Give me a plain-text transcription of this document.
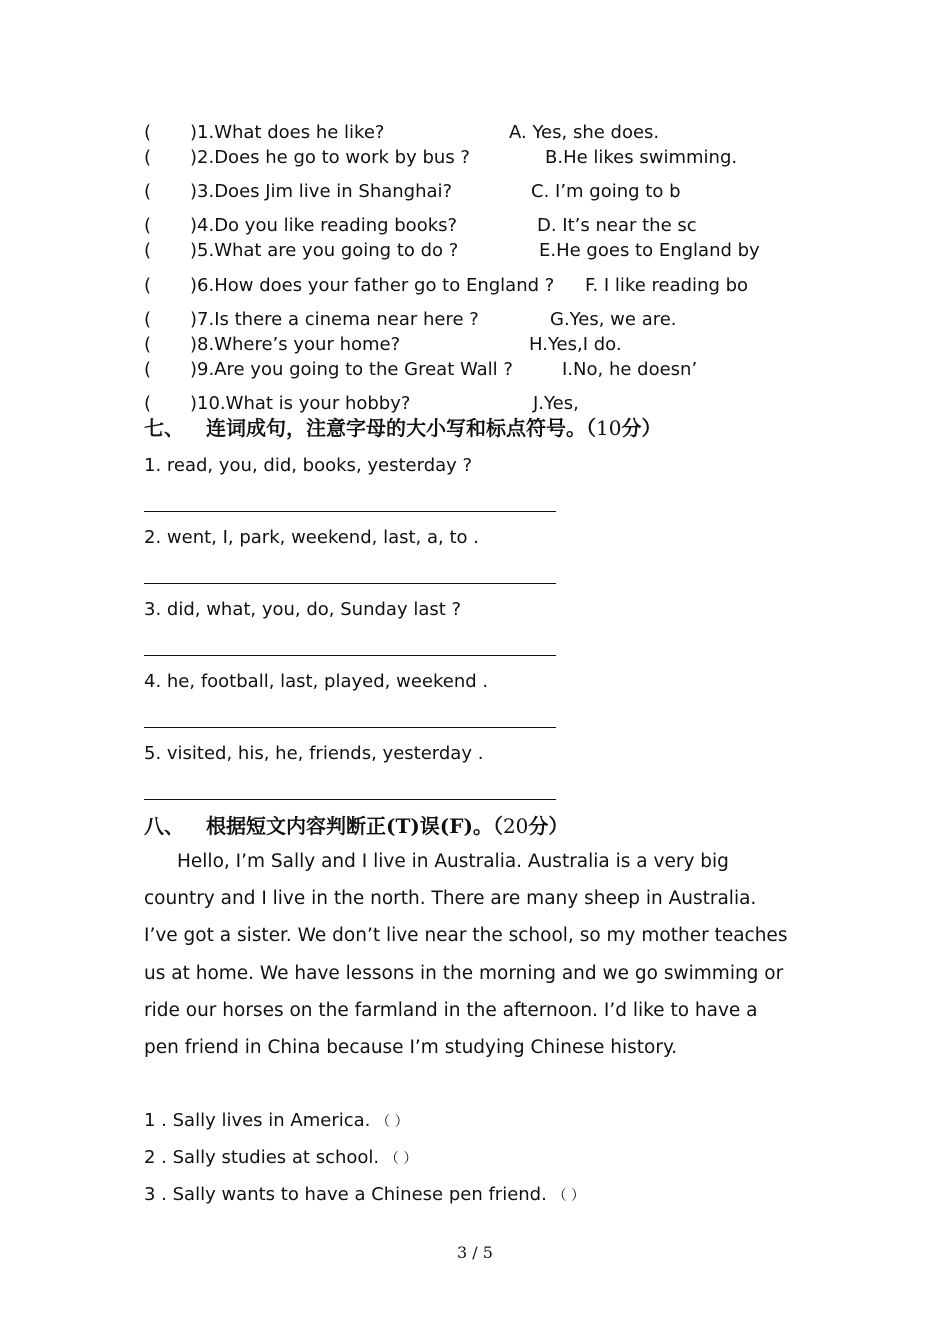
( )1.What does he like?	A. Yes, she does.
( )2.Does he go to work by bus ?	B.He likes swimming.
( )3.Does Jim live in Shanghai?	C. I’m going to b
( )4.Do you like reading books?	D. It’s near the sc
( )5.What are you going to do ?	E.He goes to England by
( )6.How does your father go to England ? F. I like reading bo
( )7.Is there a cinema near here ?	G.Yes, we are.
( )8.Where’s your home?	H.Yes,I do.
( )9.Are you going to the Great Wall ?	I.No, he doesn’
( )10.What is your hobby?	J.Yes,
七、 连词成句，注意字母的大小写和标点符号。（10分）
1. read, you, did, books, yesterday ?
2. went, I, park, weekend, last, a, to .
3. did, what, you, do, Sunday last ?
4. he, football, last, played, weekend .
5. visited, his, he, friends, yesterday .
八、 根据短文内容判断正(T)误(F)。（20分）

Hello, I’m Sally and I live in Australia. Australia is a very big country and I live in the north. There are many sheep in Australia. I’ve got a sister. We don’t live near the school, so my mother teaches us at home. We have lessons in the morning and we go swimming or ride our horses on the farmland in the afternoon. I’d like to have a pen friend in China because I’m studying Chinese history.

1 . Sally lives in America. （ ）
2 . Sally studies at school. （ ）
3 . Sally wants to have a Chinese pen friend. （ ）
3 / 5
